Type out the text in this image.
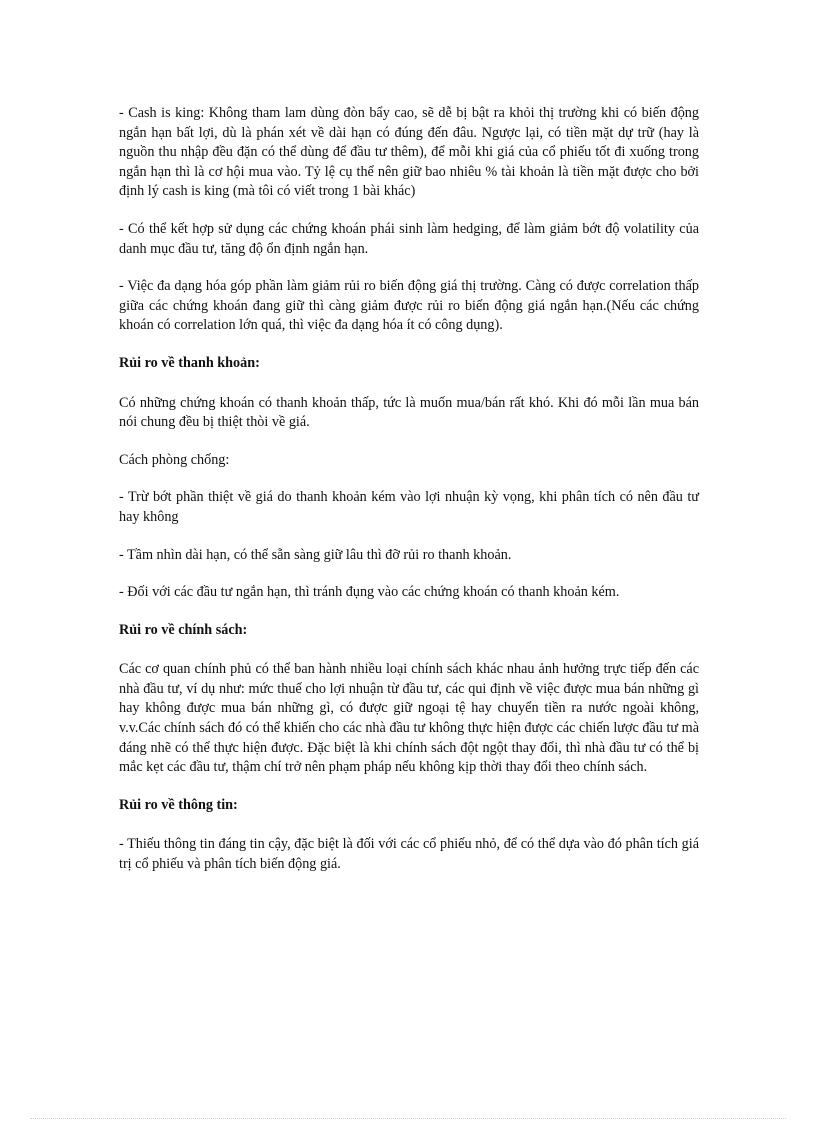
- Cash is king: Không tham lam dùng đòn bẩy cao, sẽ dễ bị bật ra khỏi thị trường khi có biến động ngắn hạn bất lợi, dù là phán xét về dài hạn có đúng đến đâu. Ngược lại, có tiền mặt dự trữ (hay là nguồn thu nhập đều đặn có thể dùng để đầu tư thêm), để mỗi khi giá của cổ phiếu tốt đi xuống trong ngắn hạn thì là cơ hội mua vào. Tỷ lệ cụ thể nên giữ bao nhiêu % tài khoản là tiền mặt được cho bởi định lý cash is king (mà tôi có viết trong 1 bài khác)

- Có thể kết hợp sử dụng các chứng khoán phái sinh làm hedging, để làm giảm bớt độ volatility của danh mục đầu tư, tăng độ ổn định ngắn hạn.

- Việc đa dạng hóa góp phần làm giảm rủi ro biến động giá thị trường. Càng có được correlation thấp giữa các chứng khoán đang giữ thì càng giảm được rủi ro biến động giá ngắn hạn.(Nếu các chứng khoán có correlation lớn quá, thì việc đa dạng hóa ít có công dụng).

Rủi ro về thanh khoản:

Có những chứng khoán có thanh khoản thấp, tức là muốn mua/bán rất khó. Khi đó mỗi lần mua bán nói chung đều bị thiệt thòi về giá.

Cách phòng chống:

- Trừ bớt phần thiệt về giá do thanh khoản kém vào lợi nhuận kỳ vọng, khi phân tích có nên đầu tư hay không

- Tầm nhìn dài hạn, có thể sẵn sàng giữ lâu thì đỡ rủi ro thanh khoản.

- Đối với các đầu tư ngắn hạn, thì tránh đụng vào các chứng khoán có thanh khoản kém.

Rủi ro về chính sách:

Các cơ quan chính phủ có thể ban hành nhiều loại chính sách khác nhau ảnh hưởng trực tiếp đến các nhà đầu tư, ví dụ như: mức thuế cho lợi nhuận từ đầu tư, các qui định về việc được mua bán những gì hay không được mua bán những gì, có được giữ ngoại tệ hay chuyển tiền ra nước ngoài không, v.v.Các chính sách đó có thể khiến cho các nhà đầu tư không thực hiện được các chiến lược đầu tư mà đáng nhẽ có thể thực hiện được. Đặc biệt là khi chính sách đột ngột thay đổi, thì nhà đầu tư có thể bị mắc kẹt các đầu tư, thậm chí trở nên phạm pháp nếu không kịp thời thay đổi theo chính sách.

Rủi ro về thông tin:

- Thiếu thông tin đáng tin cậy, đặc biệt là đối với các cổ phiếu nhỏ, để có thể dựa vào đó phân tích giá trị cổ phiếu và phân tích biến động giá.
